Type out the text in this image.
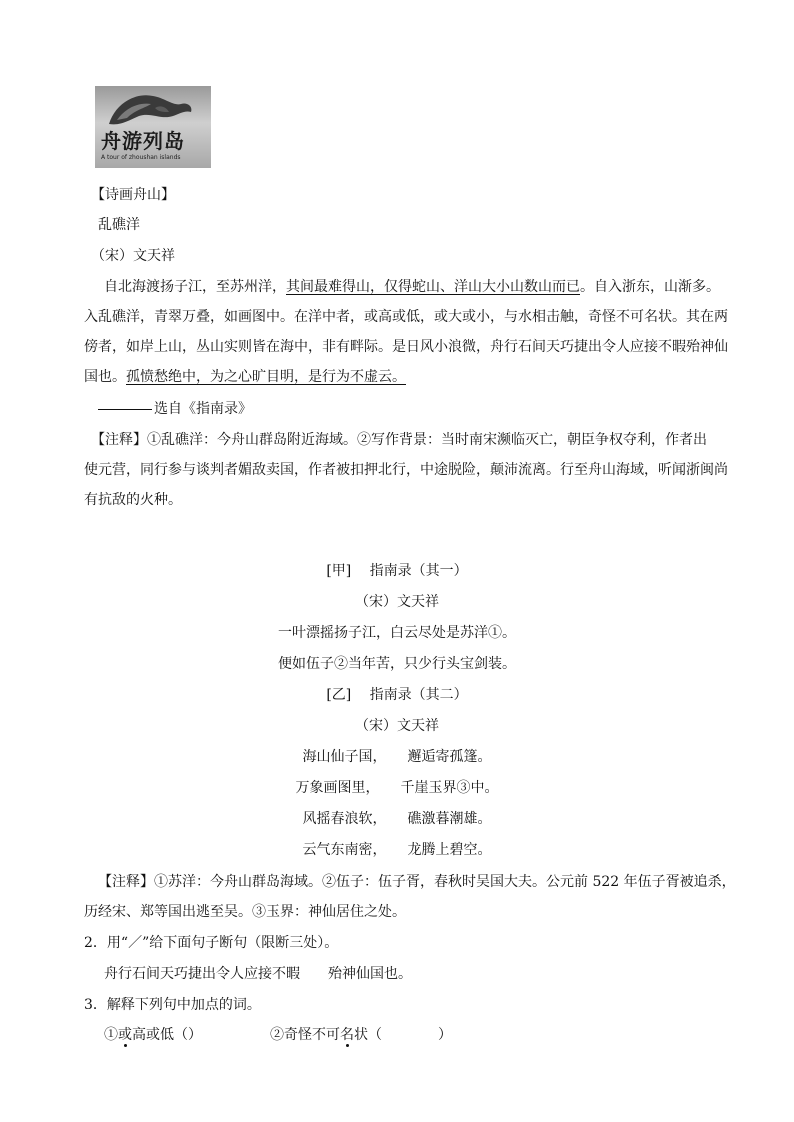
舟游列岛
A tour of zhoushan islands
【诗画舟山】
乱礁洋
（宋）文天祥
自北海渡扬子江，至苏州洋，其间最难得山，仅得蛇山、洋山大小山数山而已。自入浙东，山渐多。
入乱礁洋，青翠万叠，如画图中。在洋中者，或高或低，或大或小，与水相击触，奇怪不可名状。其在两
傍者，如岸上山，丛山实则皆在海中，非有畔际。是日风小浪微，舟行石间天巧捷出令人应接不暇殆神仙
国也。孤愤愁绝中，为之心旷目明，是行为不虚云。
选自《指南录》
【注释】①乱礁洋：今舟山群岛附近海域。②写作背景：当时南宋濒临灭亡，朝臣争权夺利，作者出
使元营，同行参与谈判者媚敌卖国，作者被扣押北行，中途脱险，颠沛流离。行至舟山海域，听闻浙闽尚
有抗敌的火种。
[甲]　 指南录（其一）
（宋）文天祥
一叶漂摇扬子江，白云尽处是苏洋①。
便如伍子②当年苦，只少行头宝剑装。
[乙]　 指南录（其二）
（宋）文天祥
海山仙子国，　　邂逅寄孤篷。
万象画图里，　　千崖玉界③中。
风摇春浪软，　　礁激暮潮雄。
云气东南密，　　龙腾上碧空。
【注释】①苏洋：今舟山群岛海域。②伍子：伍子胥，春秋时吴国大夫。公元前 522 年伍子胥被追杀，
历经宋、郑等国出逃至吴。③玉界：神仙居住之处。
2．用“／”给下面句子断句（限断三处）。
舟行石间天巧捷出令人应接不暇　　殆神仙国也。
3．解释下列句中加点的词。
①或高或低（）	②奇怪不可名状（　　　　）
